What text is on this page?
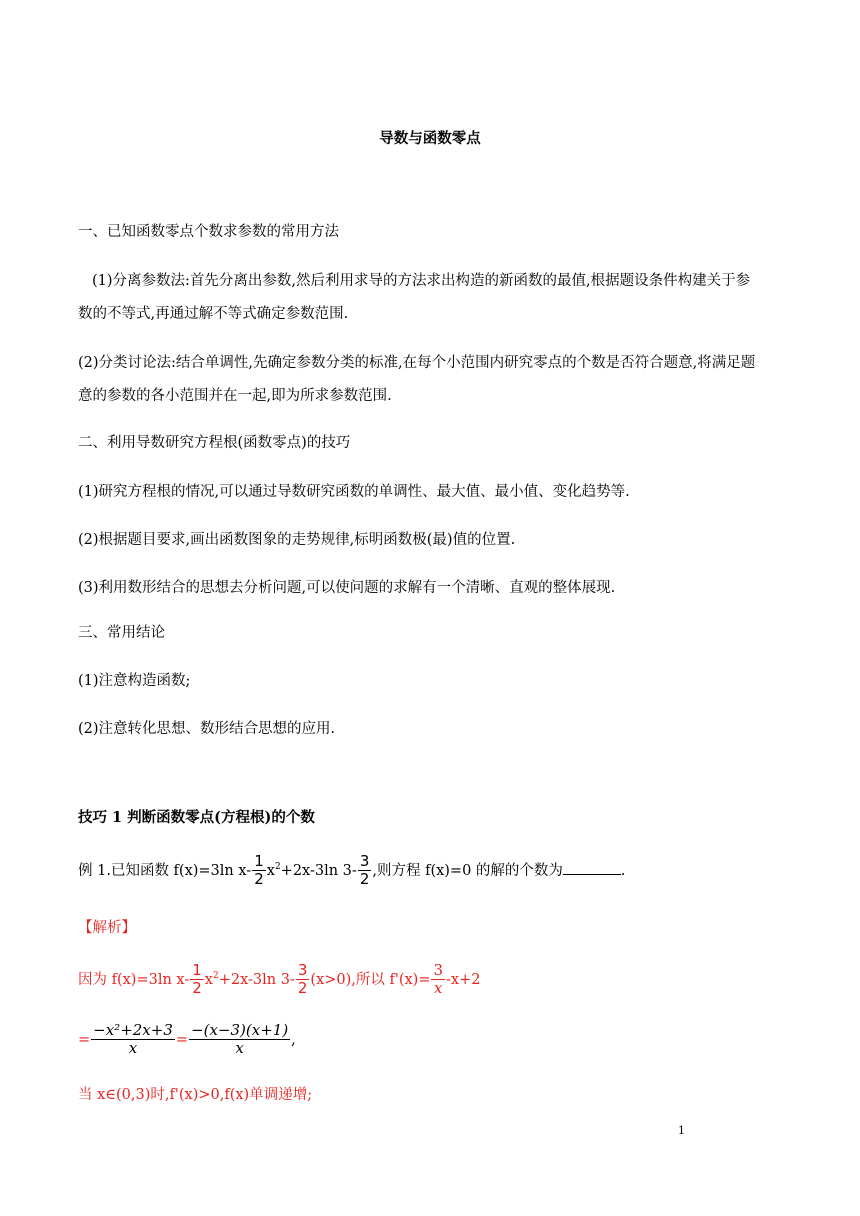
导数与函数零点
一、已知函数零点个数求参数的常用方法
(1)分离参数法:首先分离出参数,然后利用求导的方法求出构造的新函数的最值,根据题设条件构建关于参
数的不等式,再通过解不等式确定参数范围.
(2)分类讨论法:结合单调性,先确定参数分类的标准,在每个小范围内研究零点的个数是否符合题意,将满足题
意的参数的各小范围并在一起,即为所求参数范围.
二、利用导数研究方程根(函数零点)的技巧
(1)研究方程根的情况,可以通过导数研究函数的单调性、最大值、最小值、变化趋势等.
(2)根据题目要求,画出函数图象的走势规律,标明函数极(最)值的位置.
(3)利用数形结合的思想去分析问题,可以使问题的求解有一个清晰、直观的整体展现.
三、常用结论
(1)注意构造函数;
(2)注意转化思想、数形结合思想的应用.
技巧 1 判断函数零点(方程根)的个数
例 1.已知函数 f(x)=3ln $x- \frac{1}{2} x^2+2x-3\ln$ $3- \frac{3}{2}$ ,则方程 f(x)=0 的解的个数为	.
【解析】
因为 f(x)=3ln $x- \frac{1}{2} x^2+2x-3\ln$ $3- \frac{3}{2} (x>0)$,所以 $f'(x)= \frac{3}{x} -x+2$
= $\frac{\text{−x²+2x+3}}{x} = \frac{-(x-3)(x+1)}{x}$ ,
当 x∈(0,3)时,f'(x)>0,f(x)单调递增;
1
